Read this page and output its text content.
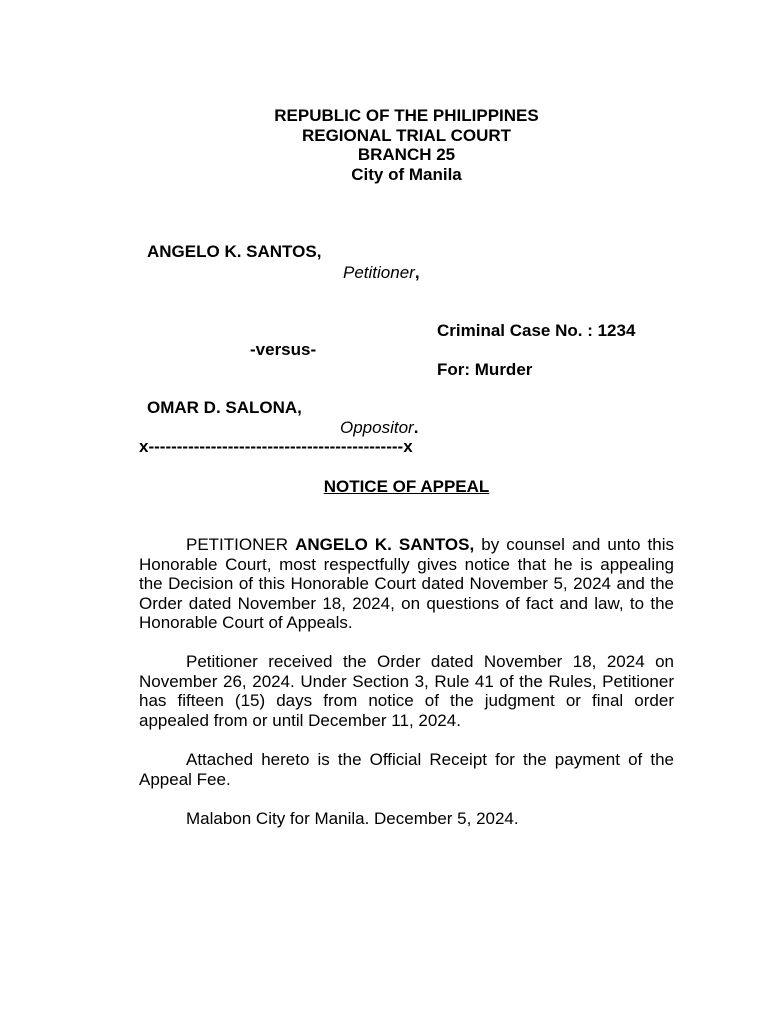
REPUBLIC OF THE PHILIPPINES
REGIONAL TRIAL COURT
BRANCH 25
City of Manila
ANGELO K. SANTOS,
Petitioner,
Criminal Case No. : 1234
-versus-
For: Murder
OMAR D. SALONA,
Oppositor.
x---------------------------------------------x
NOTICE OF APPEAL
PETITIONER ANGELO K. SANTOS, by counsel and unto this Honorable Court, most respectfully gives notice that he is appealing the Decision of this Honorable Court dated November 5, 2024 and the Order dated November 18, 2024, on questions of fact and law, to the Honorable Court of Appeals.
Petitioner received the Order dated November 18, 2024 on November 26, 2024. Under Section 3, Rule 41 of the Rules, Petitioner has fifteen (15) days from notice of the judgment or final order appealed from or until December 11, 2024.
Attached hereto is the Official Receipt for the payment of the Appeal Fee.
Malabon City for Manila. December 5, 2024.
